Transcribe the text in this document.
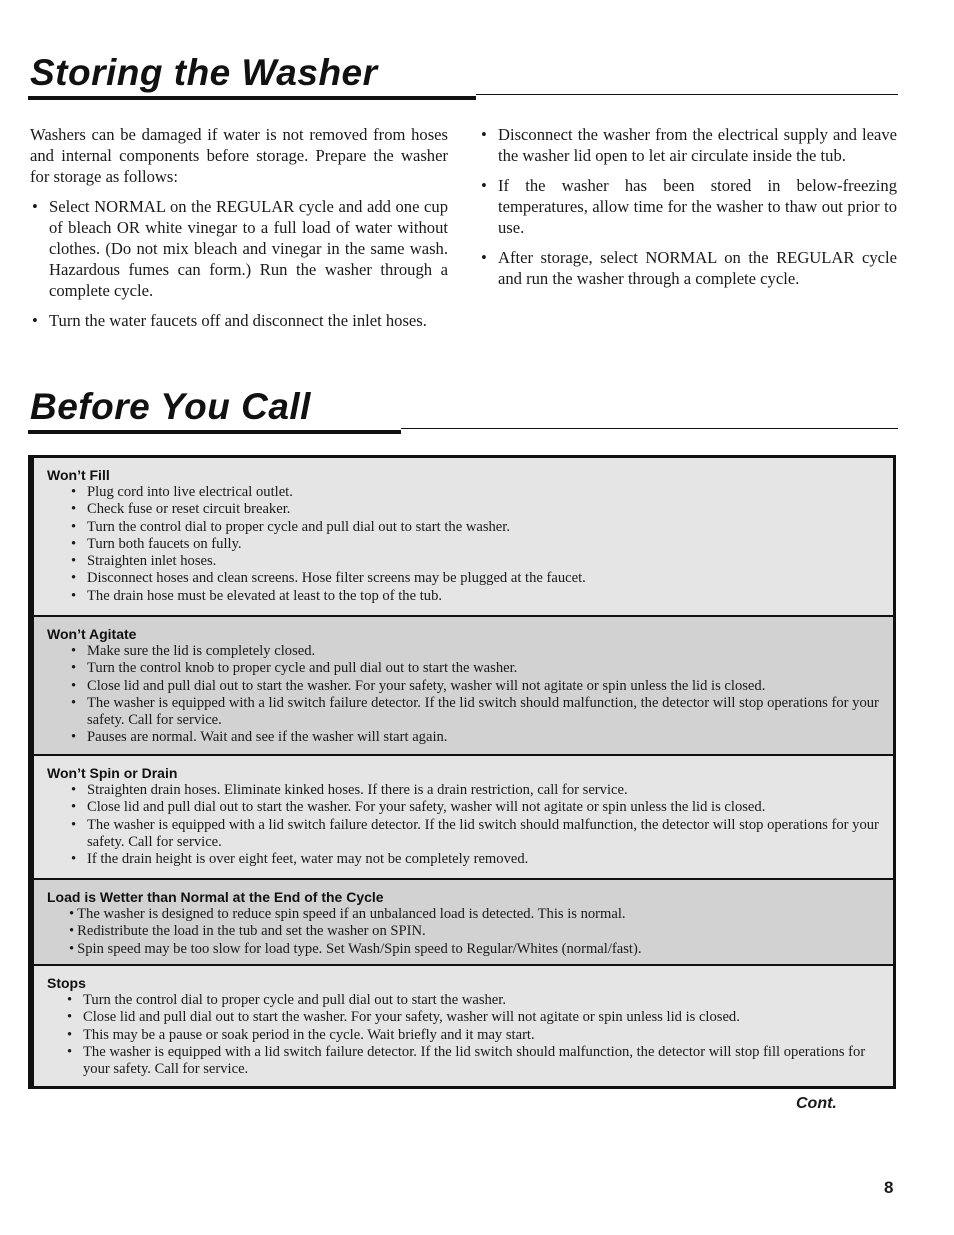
Storing the Washer

Washers can be damaged if water is not removed from hoses and internal components before storage. Prepare the washer for storage as follows:

• Select NORMAL on the REGULAR cycle and add one cup of bleach OR white vinegar to a full load of water without clothes. (Do not mix bleach and vinegar in the same wash. Hazardous fumes can form.) Run the washer through a complete cycle.
• Turn the water faucets off and disconnect the inlet hoses.
• Disconnect the washer from the electrical supply and leave the washer lid open to let air circulate inside the tub.
• If the washer has been stored in below-freezing temperatures, allow time for the washer to thaw out prior to use.
• After storage, select NORMAL on the REGULAR cycle and run the washer through a complete cycle.
Before You Call
Won’t Fill
• Plug cord into live electrical outlet.
• Check fuse or reset circuit breaker.
• Turn the control dial to proper cycle and pull dial out to start the washer.
• Turn both faucets on fully.
• Straighten inlet hoses.
• Disconnect hoses and clean screens. Hose filter screens may be plugged at the faucet.
• The drain hose must be elevated at least to the top of the tub.
Won’t Agitate
• Make sure the lid is completely closed.
• Turn the control knob to proper cycle and pull dial out to start the washer.
• Close lid and pull dial out to start the washer. For your safety, washer will not agitate or spin unless the lid is closed.
• The washer is equipped with a lid switch failure detector. If the lid switch should malfunction, the detector will stop operations for your safety. Call for service.
• Pauses are normal. Wait and see if the washer will start again.
Won’t Spin or Drain
• Straighten drain hoses. Eliminate kinked hoses. If there is a drain restriction, call for service.
• Close lid and pull dial out to start the washer. For your safety, washer will not agitate or spin unless the lid is closed.
• The washer is equipped with a lid switch failure detector. If the lid switch should malfunction, the detector will stop operations for your safety. Call for service.
• If the drain height is over eight feet, water may not be completely removed.
Load is Wetter than Normal at the End of the Cycle
• The washer is designed to reduce spin speed if an unbalanced load is detected. This is normal.
• Redistribute the load in the tub and set the washer on SPIN.
• Spin speed may be too slow for load type. Set Wash/Spin speed to Regular/Whites (normal/fast).
Stops
• Turn the control dial to proper cycle and pull dial out to start the washer.
• Close lid and pull dial out to start the washer. For your safety, washer will not agitate or spin unless lid is closed.
• This may be a pause or soak period in the cycle. Wait briefly and it may start.
• The washer is equipped with a lid switch failure detector. If the lid switch should malfunction, the detector will stop fill operations for your safety. Call for service.
Cont.
8
